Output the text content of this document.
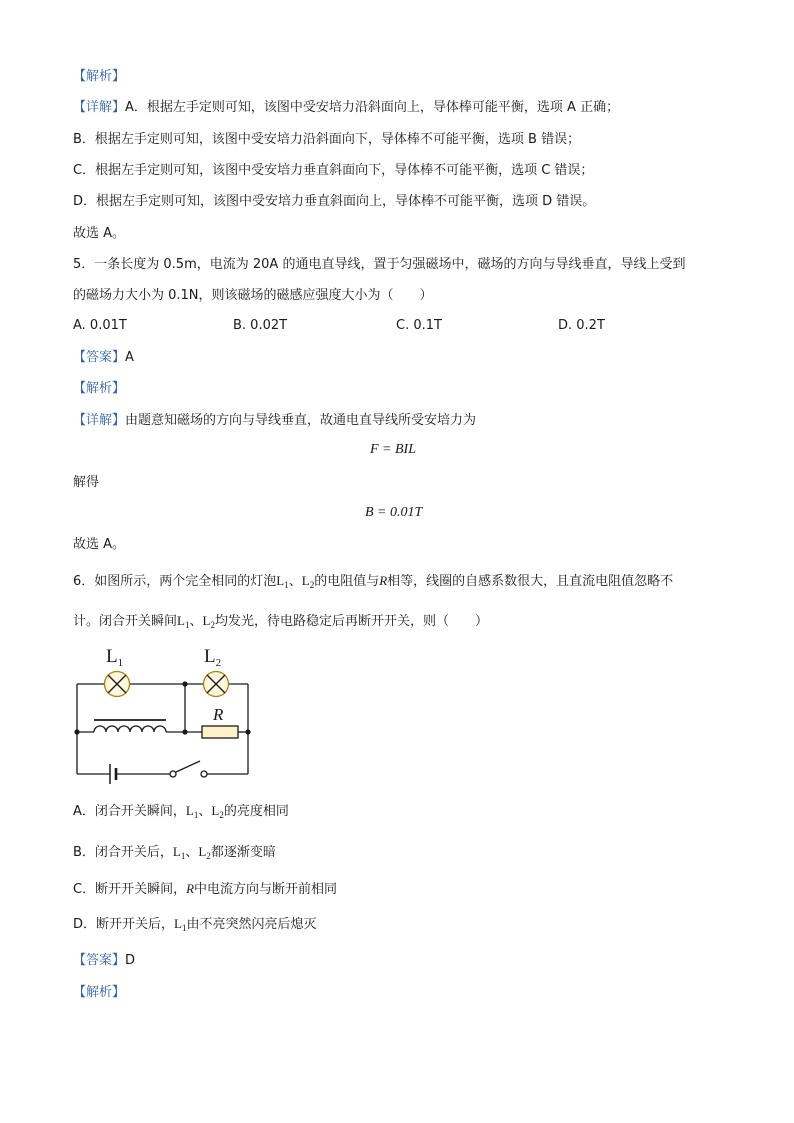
【解析】
【详解】A．根据左手定则可知，该图中受安培力沿斜面向上，导体棒可能平衡，选项 A 正确；
B．根据左手定则可知，该图中受安培力沿斜面向下，导体棒不可能平衡，选项 B 错误；
C．根据左手定则可知，该图中受安培力垂直斜面向下，导体棒不可能平衡，选项 C 错误；
D．根据左手定则可知，该图中受安培力垂直斜面向上，导体棒不可能平衡，选项 D 错误。
故选 A。
5．一条长度为 0.5m，电流为 20A 的通电直导线，置于匀强磁场中，磁场的方向与导线垂直，导线上受到
的磁场力大小为 0.1N，则该磁场的磁感应强度大小为（　　）
A. 0.01T	B. 0.02T	C. 0.1T	D. 0.2T
【答案】A
【解析】
【详解】由题意知磁场的方向与导线垂直，故通电直导线所受安培力为
F = BIL
解得
B = 0.01T
故选 A。
6．如图所示，两个完全相同的灯泡$L_1$、$L_2$的电阻值与R相等，线圈的自感系数很大，且直流电阻值忽略不
计。闭合开关瞬间$L_1$、$L_2$均发光，待电路稳定后再断开开关，则（　　）
$L_1$	$L_2$
R
A．闭合开关瞬间，$L_1$、$L_2$的亮度相同
B．闭合开关后，$L_1$、$L_2$都逐渐变暗
C．断开开关瞬间，R中电流方向与断开前相同
D．断开开关后，$L_1$由不亮突然闪亮后熄灭
【答案】D
【解析】
